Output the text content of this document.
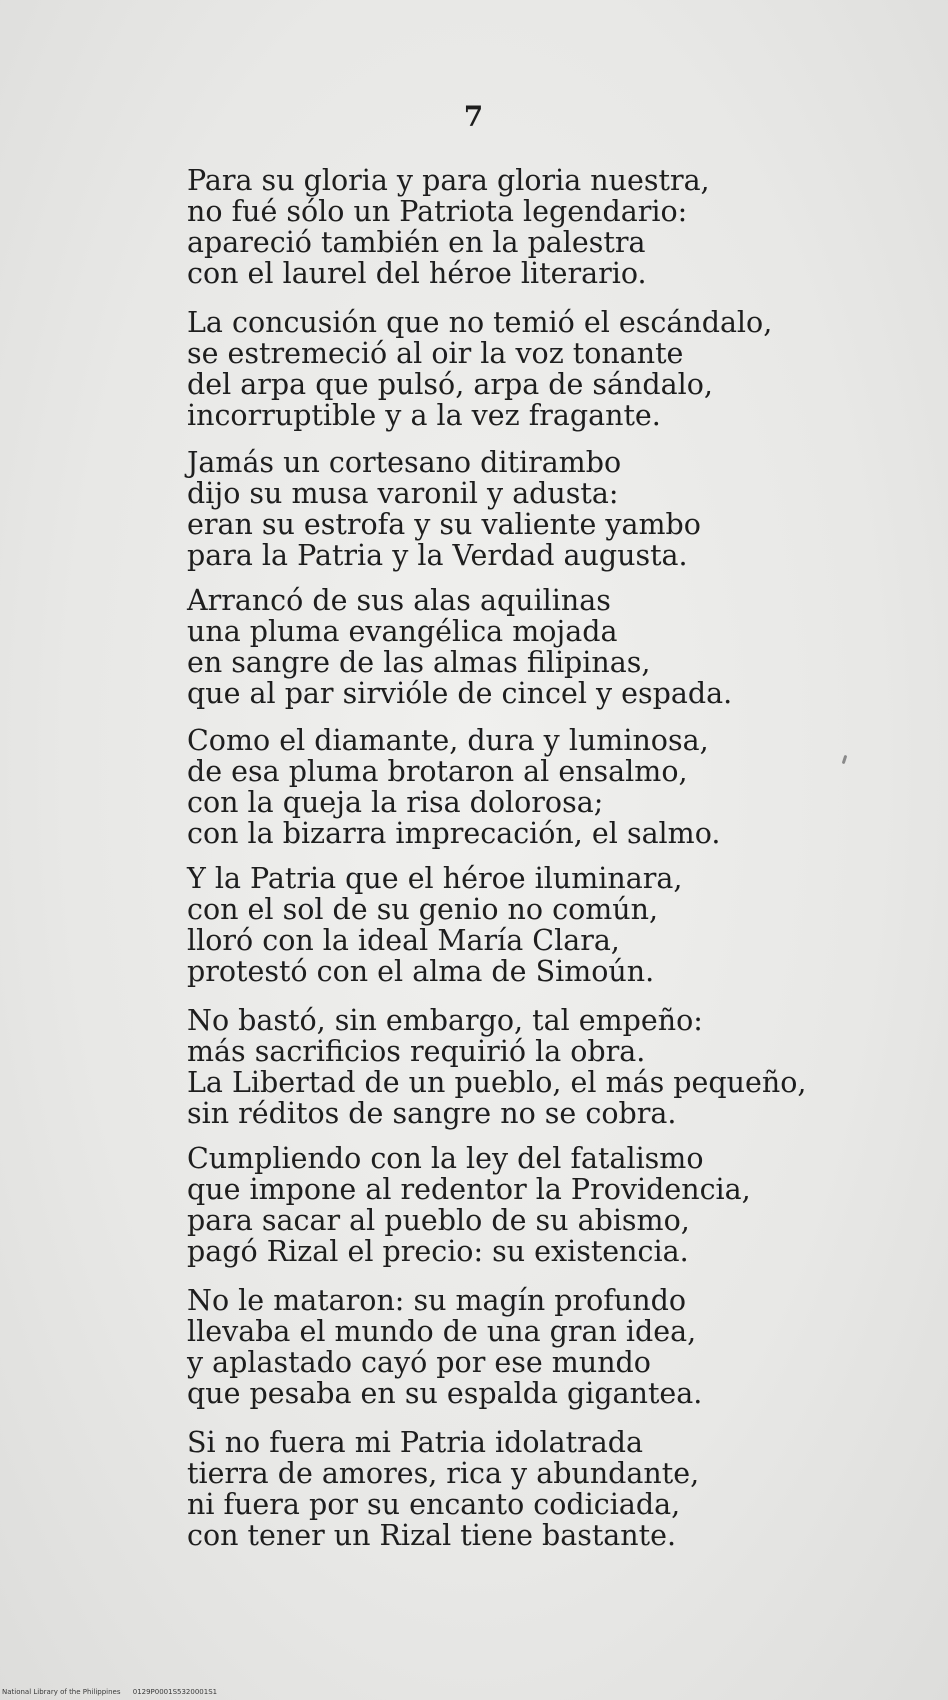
7
Para su gloria y para gloria nuestra,
no fué sólo un Patriota legendario:
apareció también en la palestra
con el laurel del héroe literario.
La concusión que no temió el escándalo,
se estremeció al oir la voz tonante
del arpa que pulsó, arpa de sándalo,
incorruptible y a la vez fragante.
Jamás un cortesano ditirambo
dijo su musa varonil y adusta:
eran su estrofa y su valiente yambo
para la Patria y la Verdad augusta.
Arrancó de sus alas aquilinas
una pluma evangélica mojada
en sangre de las almas filipinas,
que al par sirvióle de cincel y espada.
Como el diamante, dura y luminosa,
de esa pluma brotaron al ensalmo,
con la queja la risa dolorosa;
con la bizarra imprecación, el salmo.
Y la Patria que el héroe iluminara,
con el sol de su genio no común,
lloró con la ideal María Clara,
protestó con el alma de Simoún.
No bastó, sin embargo, tal empeño:
más sacrificios requirió la obra.
La Libertad de un pueblo, el más pequeño,
sin réditos de sangre no se cobra.
Cumpliendo con la ley del fatalismo
que impone al redentor la Providencia,
para sacar al pueblo de su abismo,
pagó Rizal el precio: su existencia.
No le mataron: su magín profundo
llevaba el mundo de una gran idea,
y aplastado cayó por ese mundo
que pesaba en su espalda gigantea.
Si no fuera mi Patria idolatrada
tierra de amores, rica y abundante,
ni fuera por su encanto codiciada,
con tener un Rizal tiene bastante.
National Library of the Philippines 0129P0001S5320001S1
